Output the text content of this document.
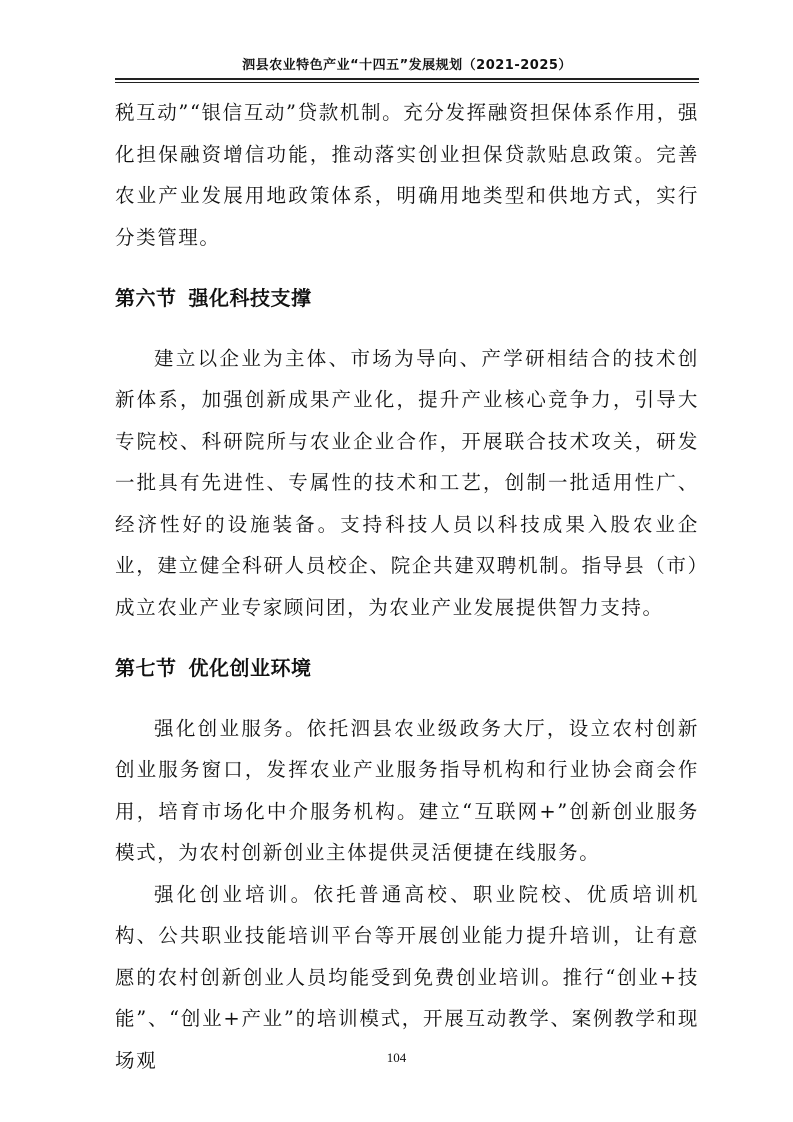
泗县农业特色产业“十四五”发展规划（2021-2025）

税互动”“银信互动”贷款机制。充分发挥融资担保体系作用，强化担保融资增信功能，推动落实创业担保贷款贴息政策。完善农业产业发展用地政策体系，明确用地类型和供地方式，实行分类管理。

第六节 强化科技支撑

建立以企业为主体、市场为导向、产学研相结合的技术创新体系，加强创新成果产业化，提升产业核心竞争力，引导大专院校、科研院所与农业企业合作，开展联合技术攻关，研发一批具有先进性、专属性的技术和工艺，创制一批适用性广、经济性好的设施装备。支持科技人员以科技成果入股农业企业，建立健全科研人员校企、院企共建双聘机制。指导县（市）成立农业产业专家顾问团，为农业产业发展提供智力支持。

第七节 优化创业环境

强化创业服务。依托泗县农业级政务大厅，设立农村创新创业服务窗口，发挥农业产业服务指导机构和行业协会商会作用，培育市场化中介服务机构。建立“互联网+”创新创业服务模式，为农村创新创业主体提供灵活便捷在线服务。

强化创业培训。依托普通高校、职业院校、优质培训机构、公共职业技能培训平台等开展创业能力提升培训，让有意愿的农村创新创业人员均能受到免费创业培训。推行“创业+技能”、“创业+产业”的培训模式，开展互动教学、案例教学和现场观	104
